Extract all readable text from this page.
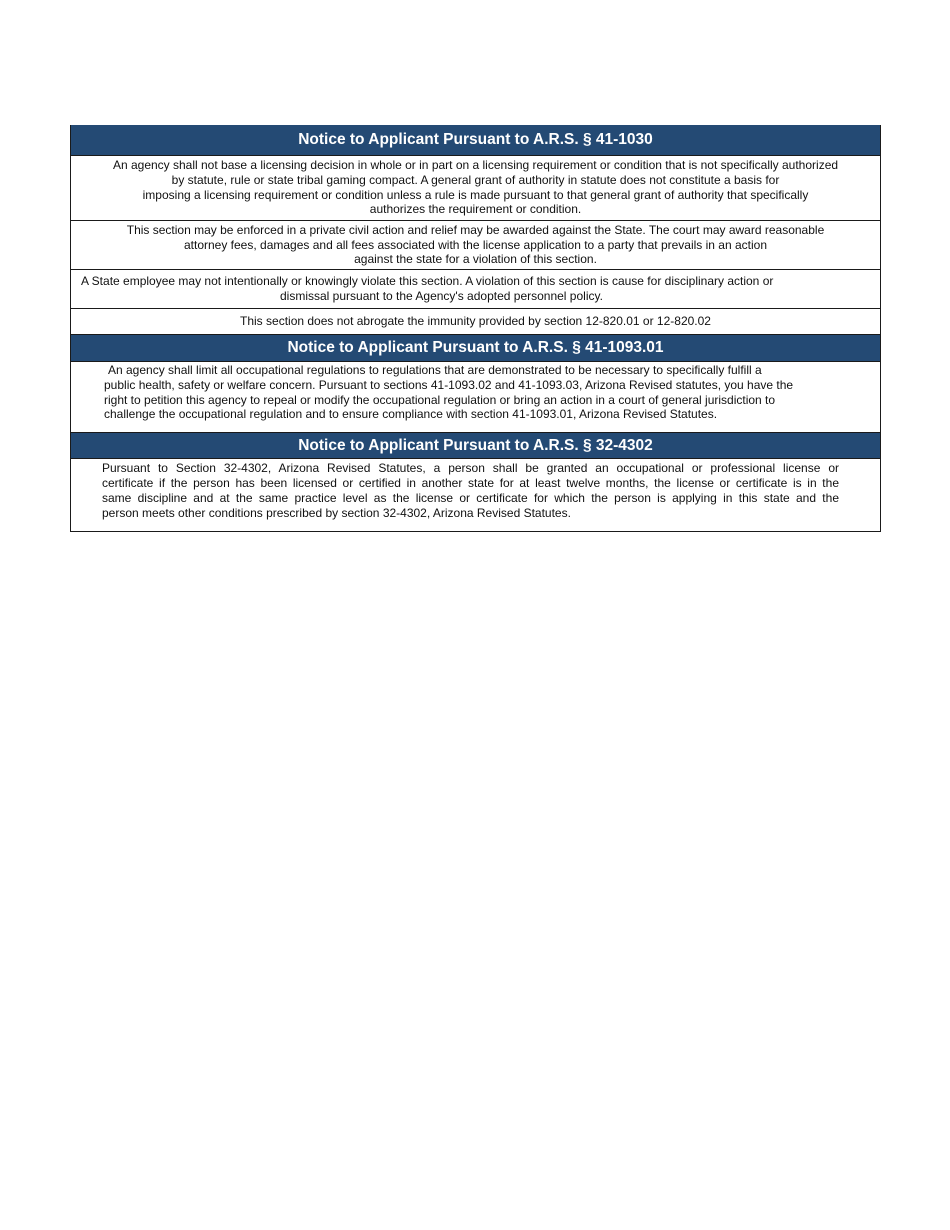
Notice to Applicant Pursuant to A.R.S. § 41-1030
An agency shall not base a licensing decision in whole or in part on a licensing requirement or condition that is not specifically authorized
by statute, rule or state tribal gaming compact. A general grant of authority in statute does not constitute a basis for
imposing a licensing requirement or condition unless a rule is made pursuant to that general grant of authority that specifically
authorizes the requirement or condition.
This section may be enforced in a private civil action and relief may be awarded against the State. The court may award reasonable
attorney fees, damages and all fees associated with the license application to a party that prevails in an action
against the state for a violation of this section.
A State employee may not intentionally or knowingly violate this section. A violation of this section is cause for disciplinary action or
dismissal pursuant to the Agency's adopted personnel policy.
This section does not abrogate the immunity provided by section 12-820.01 or 12-820.02
Notice to Applicant Pursuant to A.R.S. § 41-1093.01
An agency shall limit all occupational regulations to regulations that are demonstrated to be necessary to specifically fulfill a
public health, safety or welfare concern. Pursuant to sections 41-1093.02 and 41-1093.03, Arizona Revised statutes, you have the
right to petition this agency to repeal or modify the occupational regulation or bring an action in a court of general jurisdiction to
challenge the occupational regulation and to ensure compliance with section 41-1093.01, Arizona Revised Statutes.
Notice to Applicant Pursuant to A.R.S. § 32-4302
Pursuant to Section 32-4302, Arizona Revised Statutes, a person shall be granted an occupational or professional license or
certificate if the person has been licensed or certified in another state for at least twelve months, the license or certificate is in the
same discipline and at the same practice level as the license or certificate for which the person is applying in this state and the
person meets other conditions prescribed by section 32-4302, Arizona Revised Statutes.
